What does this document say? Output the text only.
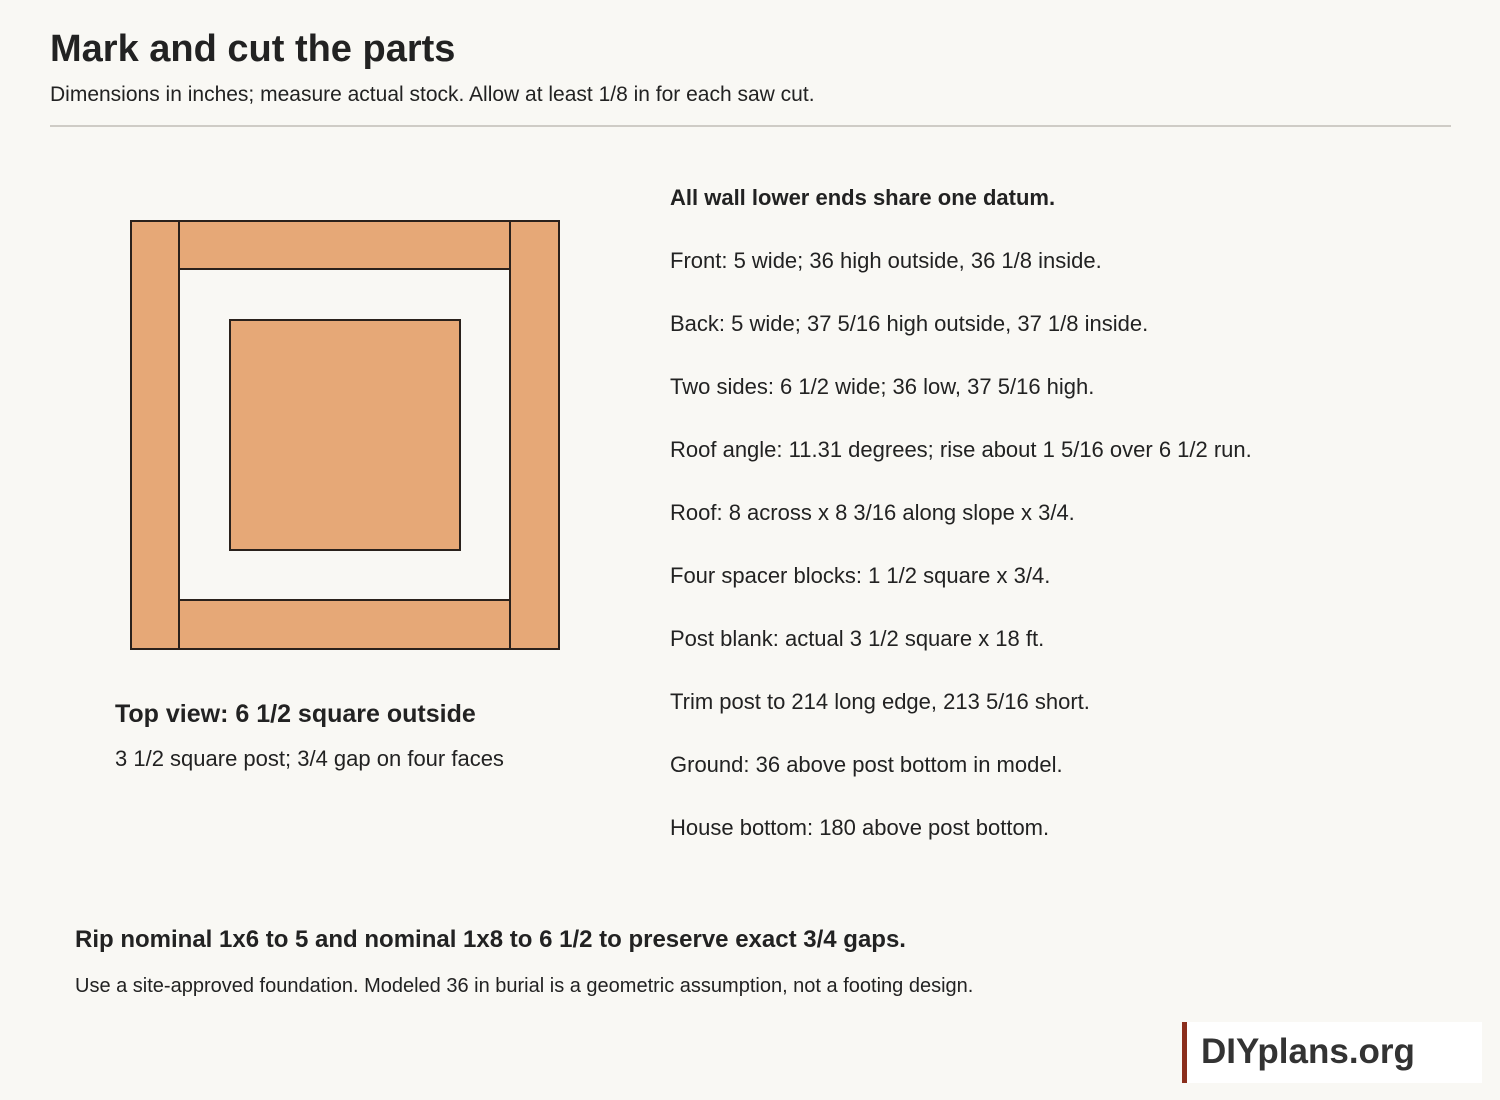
Mark and cut the parts
Dimensions in inches; measure actual stock. Allow at least 1/8 in for each saw cut.
Top view: 6 1/2 square outside
3 1/2 square post; 3/4 gap on four faces
All wall lower ends share one datum.
Front: 5 wide; 36 high outside, 36 1/8 inside.
Back: 5 wide; 37 5/16 high outside, 37 1/8 inside.
Two sides: 6 1/2 wide; 36 low, 37 5/16 high.
Roof angle: 11.31 degrees; rise about 1 5/16 over 6 1/2 run.
Roof: 8 across x 8 3/16 along slope x 3/4.
Four spacer blocks: 1 1/2 square x 3/4.
Post blank: actual 3 1/2 square x 18 ft.
Trim post to 214 long edge, 213 5/16 short.
Ground: 36 above post bottom in model.
House bottom: 180 above post bottom.
Rip nominal 1x6 to 5 and nominal 1x8 to 6 1/2 to preserve exact 3/4 gaps.
Use a site-approved foundation. Modeled 36 in burial is a geometric assumption, not a footing design.
DIYplans.org
